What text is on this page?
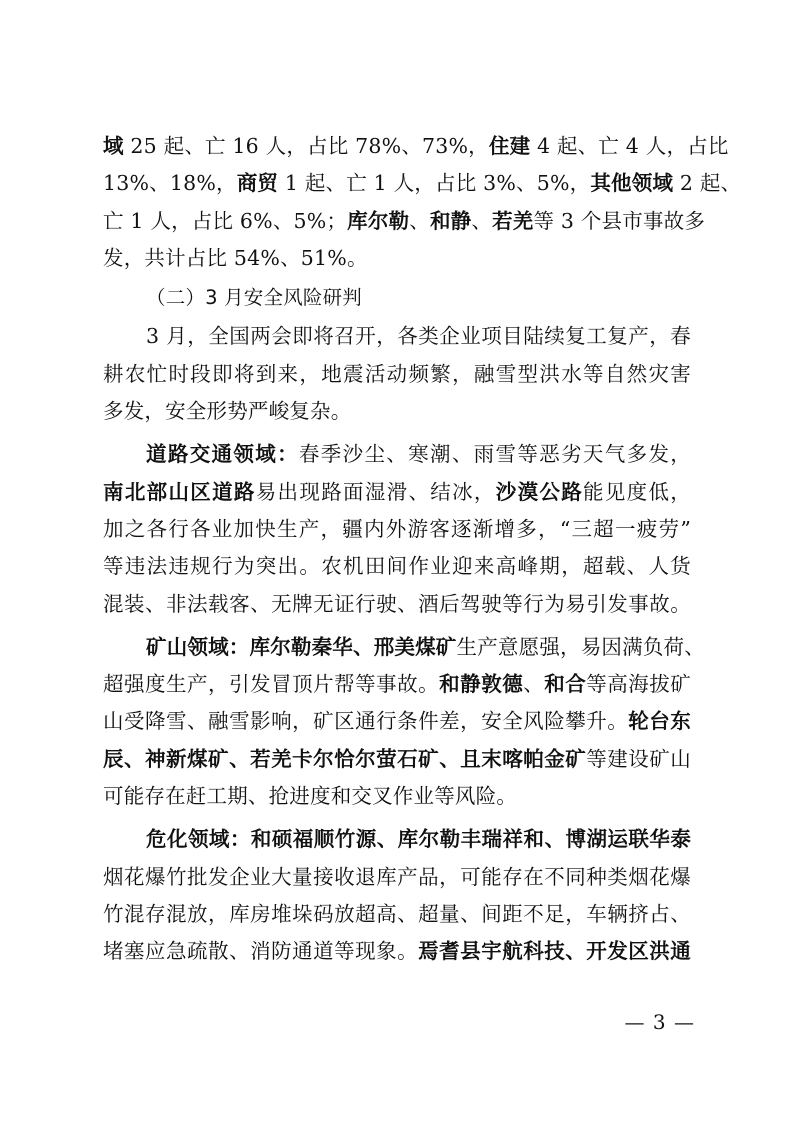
域 25 起、亡 16 人，占比 78%、73%，住建 4 起、亡 4 人，占比
13%、18%，商贸 1 起、亡 1 人，占比 3%、5%，其他领域 2 起、
亡 1 人，占比 6%、5%；库尔勒、和静、若羌等 3 个县市事故多
发，共计占比 54%、51%。
（二）3 月安全风险研判
3 月，全国两会即将召开，各类企业项目陆续复工复产，春
耕农忙时段即将到来，地震活动频繁，融雪型洪水等自然灾害
多发，安全形势严峻复杂。
道路交通领域：春季沙尘、寒潮、雨雪等恶劣天气多发，
南北部山区道路易出现路面湿滑、结冰，沙漠公路能见度低，
加之各行各业加快生产，疆内外游客逐渐增多，“三超一疲劳”
等违法违规行为突出。农机田间作业迎来高峰期，超载、人货
混装、非法载客、无牌无证行驶、酒后驾驶等行为易引发事故。
矿山领域：库尔勒秦华、邢美煤矿生产意愿强，易因满负荷、
超强度生产，引发冒顶片帮等事故。和静敦德、和合等高海拔矿
山受降雪、融雪影响，矿区通行条件差，安全风险攀升。轮台东
辰、神新煤矿、若羌卡尔恰尔萤石矿、且末喀帕金矿等建设矿山
可能存在赶工期、抢进度和交叉作业等风险。
危化领域：和硕福顺竹源、库尔勒丰瑞祥和、博湖运联华泰
烟花爆竹批发企业大量接收退库产品，可能存在不同种类烟花爆
竹混存混放，库房堆垛码放超高、超量、间距不足，车辆挤占、
堵塞应急疏散、消防通道等现象。焉耆县宇航科技、开发区洪通
— 3 —
